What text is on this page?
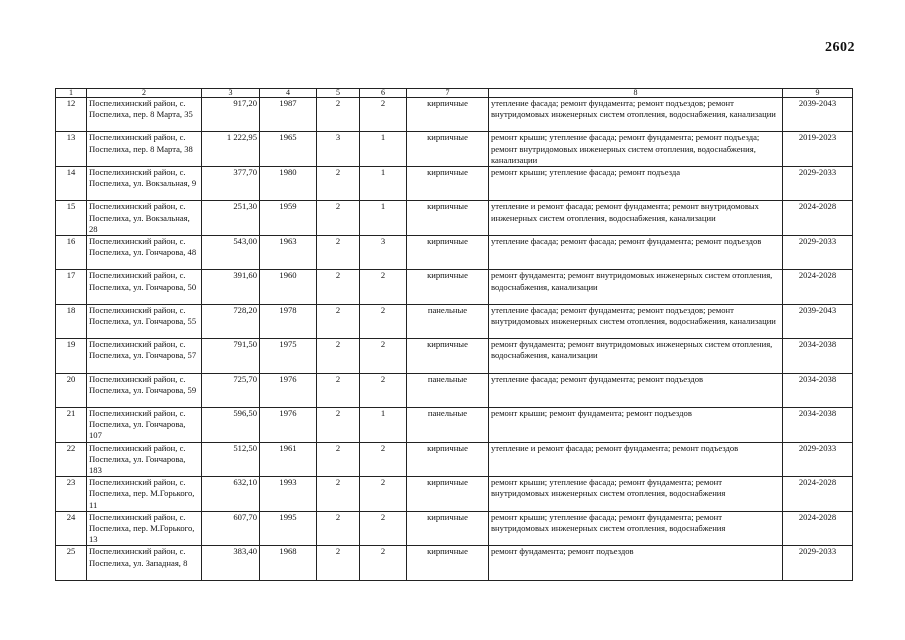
2602
1	2	3	4	5	6	7	8	9
12	Поспелихинский район, с. Поспелиха, пер. 8 Марта, 35	917,20	1987	2	2	кирпичные	утепление фасада; ремонт фундамента; ремонт подъездов; ремонт внутридомовых инженерных систем отопления, водоснабжения, канализации	2039-2043
13	Поспелихинский район, с. Поспелиха, пер. 8 Марта, 38	1 222,95	1965	3	1	кирпичные	ремонт крыши; утепление фасада; ремонт фундамента; ремонт подъезда; ремонт внутридомовых инженерных систем отопления, водоснабжения, канализации	2019-2023
14	Поспелихинский район, с. Поспелиха, ул. Вокзальная, 9	377,70	1980	2	1	кирпичные	ремонт крыши; утепление фасада; ремонт подъезда	2029-2033
15	Поспелихинский район, с. Поспелиха, ул. Вокзальная, 28	251,30	1959	2	1	кирпичные	утепление и ремонт фасада; ремонт фундамента; ремонт внутридомовых инженерных систем отопления, водоснабжения, канализации	2024-2028
16	Поспелихинский район, с. Поспелиха, ул. Гончарова, 48	543,00	1963	2	3	кирпичные	утепление фасада; ремонт фасада; ремонт фундамента; ремонт подъездов	2029-2033
17	Поспелихинский район, с. Поспелиха, ул. Гончарова, 50	391,60	1960	2	2	кирпичные	ремонт фундамента; ремонт внутридомовых инженерных систем отопления, водоснабжения, канализации	2024-2028
18	Поспелихинский район, с. Поспелиха, ул. Гончарова, 55	728,20	1978	2	2	панельные	утепление фасада; ремонт фундамента; ремонт подъездов; ремонт внутридомовых инженерных систем отопления, водоснабжения, канализации	2039-2043
19	Поспелихинский район, с. Поспелиха, ул. Гончарова, 57	791,50	1975	2	2	кирпичные	ремонт фундамента; ремонт внутридомовых инженерных систем отопления, водоснабжения, канализации	2034-2038
20	Поспелихинский район, с. Поспелиха, ул. Гончарова, 59	725,70	1976	2	2	панельные	утепление фасада; ремонт фундамента; ремонт подъездов	2034-2038
21	Поспелихинский район, с. Поспелиха, ул. Гончарова, 107	596,50	1976	2	1	панельные	ремонт крыши; ремонт фундамента; ремонт подъездов	2034-2038
22	Поспелихинский район, с. Поспелиха, ул. Гончарова, 183	512,50	1961	2	2	кирпичные	утепление и ремонт фасада; ремонт фундамента; ремонт подъездов	2029-2033
23	Поспелихинский район, с. Поспелиха, пер. М.Горького, 11	632,10	1993	2	2	кирпичные	ремонт крыши; утепление фасада; ремонт фундамента; ремонт внутридомовых инженерных систем отопления, водоснабжения	2024-2028
24	Поспелихинский район, с. Поспелиха, пер. М.Горького, 13	607,70	1995	2	2	кирпичные	ремонт крыши; утепление фасада; ремонт фундамента; ремонт внутридомовых инженерных систем отопления, водоснабжения	2024-2028
25	Поспелихинский район, с. Поспелиха, ул. Западная, 8	383,40	1968	2	2	кирпичные	ремонт фундамента; ремонт подъездов	2029-2033
